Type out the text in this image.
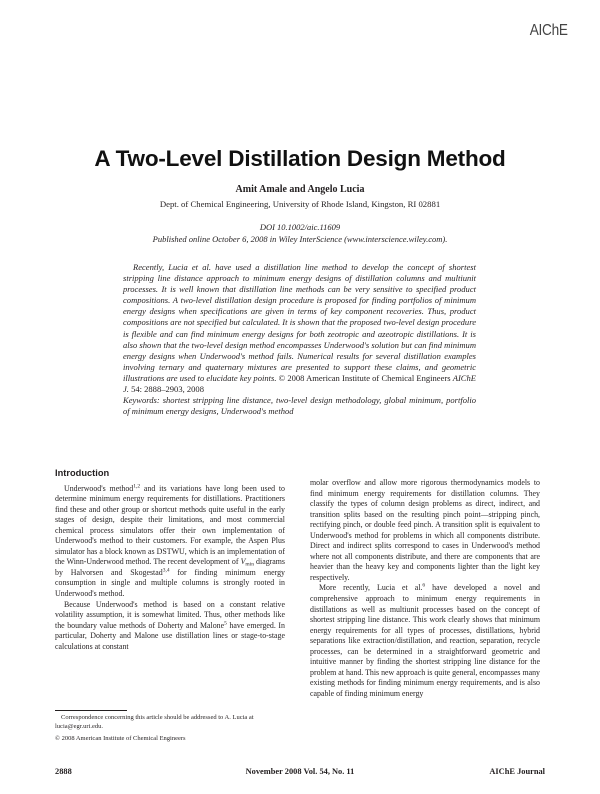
AIChE
A Two-Level Distillation Design Method
Amit Amale and Angelo Lucia
Dept. of Chemical Engineering, University of Rhode Island, Kingston, RI 02881
DOI 10.1002/aic.11609
Published online October 6, 2008 in Wiley InterScience (www.interscience.wiley.com).

Recently, Lucia et al. have used a distillation line method to develop the concept of shortest stripping line distance approach to minimum energy designs of distillation columns and multiunit processes. It is well known that distillation line methods can be very sensitive to specified product compositions. A two-level distillation design procedure is proposed for finding portfolios of minimum energy designs when specifications are given in terms of key component recoveries. Thus, product compositions are not specified but calculated. It is shown that the proposed two-level design procedure is flexible and can find minimum energy designs for both zeotropic and azeotropic distillations. It is also shown that the two-level design method encompasses Underwood's solution but can find minimum energy designs when Underwood's method fails. Numerical results for several distillation examples involving ternary and quaternary mixtures are presented to support these claims, and geometric illustrations are used to elucidate key points. © 2008 American Institute of Chemical Engineers AIChE J. 54: 2888–2903, 2008

Keywords: shortest stripping line distance, two-level design methodology, global minimum, portfolio of minimum energy designs, Underwood's method

Introduction

Underwood's method$^{1,2}$ and its variations have long been used to determine minimum energy requirements for distillations. Practitioners find these and other group or shortcut methods quite useful in the early stages of design, despite their limitations, and most commercial chemical process simulators offer their own implementation of Underwood's method to their customers. For example, the Aspen Plus simulator has a block known as DSTWU, which is an implementation of the Winn-Underwood method. The recent development of $V_{min}$ diagrams by Halvorsen and Skogestad$^{3,4}$ for finding minimum energy consumption in single and multiple columns is strongly rooted in Underwood's method.

Because Underwood's method is based on a constant relative volatility assumption, it is somewhat limited. Thus, other methods like the boundary value methods of Doherty and Malone$^5$ have emerged. In particular, Doherty and Malone use distillation lines or stage-to-stage calculations at constant

molar overflow and allow more rigorous thermodynamics models to find minimum energy requirements for distillation columns. They classify the types of column design problems as direct, indirect, and transition splits based on the resulting pinch point—stripping pinch, rectifying pinch, or double feed pinch. A transition split is equivalent to Underwood's method for problems in which all components distribute. Direct and indirect splits correspond to cases in Underwood's method where not all components distribute, and there are components that are heavier than the heavy key and components lighter than the light key respectively.

More recently, Lucia et al.$^6$ have developed a novel and comprehensive approach to minimum energy requirements in distillations as well as multiunit processes based on the concept of shortest stripping line distance. This work clearly shows that minimum energy requirements for all types of processes, distillations, hybrid separations like extraction/distillation, and reaction, separation, recycle processes, can be determined in a straightforward geometric and intuitive manner by finding the shortest stripping line distance for the problem at hand. This new approach is quite general, encompasses many existing methods for finding minimum energy requirements, and is also capable of finding minimum energy

Correspondence concerning this article should be addressed to A. Lucia at lucia@egr.uri.edu.

© 2008 American Institute of Chemical Engineers

2888	November 2008 Vol. 54, No. 11	AIChE Journal
